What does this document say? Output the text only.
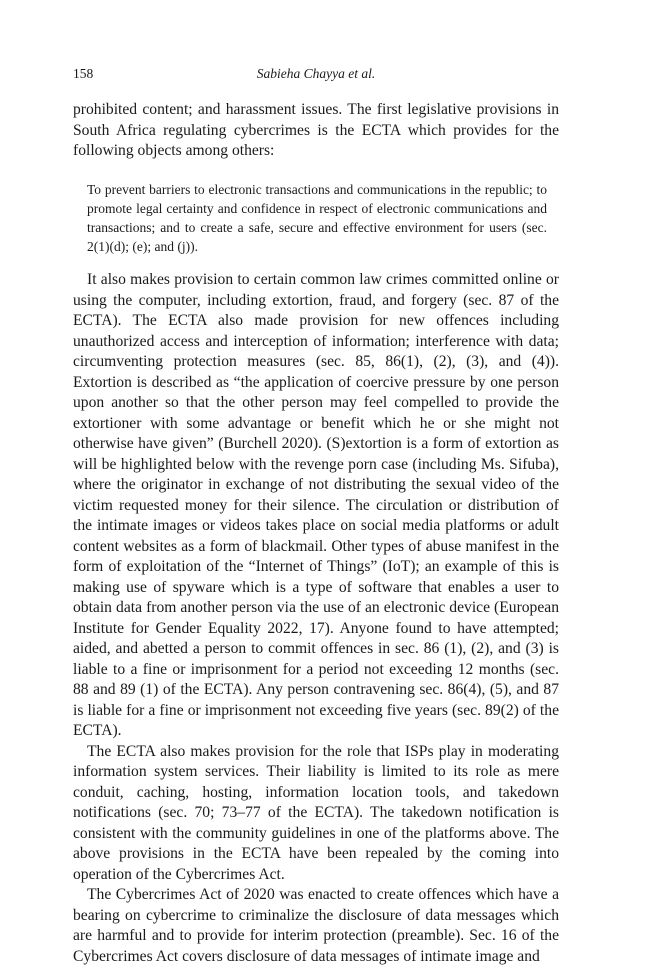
158	Sabieha Chayya et al.

prohibited content; and harassment issues. The first legislative provisions in South Africa regulating cybercrimes is the ECTA which provides for the following objects among others:

To prevent barriers to electronic transactions and communications in the republic; to promote legal certainty and confidence in respect of electronic communications and transactions; and to create a safe, secure and effective environment for users (sec. 2(1)(d); (e); and (j)).

It also makes provision to certain common law crimes committed online or using the computer, including extortion, fraud, and forgery (sec. 87 of the ECTA). The ECTA also made provision for new offences including unauthorized access and interception of information; interference with data; circumventing protection measures (sec. 85, 86(1), (2), (3), and (4)). Extortion is described as “the application of coercive pressure by one person upon another so that the other person may feel compelled to provide the extortioner with some advantage or benefit which he or she might not otherwise have given” (Burchell 2020). (S)extortion is a form of extortion as will be highlighted below with the revenge porn case (including Ms. Sifuba), where the originator in exchange of not distributing the sexual video of the victim requested money for their silence. The circulation or distribution of the intimate images or videos takes place on social media platforms or adult content websites as a form of blackmail. Other types of abuse manifest in the form of exploitation of the “Internet of Things” (IoT); an example of this is making use of spyware which is a type of software that enables a user to obtain data from another person via the use of an electronic device (European Institute for Gender Equality 2022, 17). Anyone found to have attempted; aided, and abetted a person to commit offences in sec. 86 (1), (2), and (3) is liable to a fine or imprisonment for a period not exceeding 12 months (sec. 88 and 89 (1) of the ECTA). Any person contravening sec. 86(4), (5), and 87 is liable for a fine or imprisonment not exceeding five years (sec. 89(2) of the ECTA).

The ECTA also makes provision for the role that ISPs play in moderating information system services. Their liability is limited to its role as mere conduit, caching, hosting, information location tools, and takedown notifications (sec. 70; 73–77 of the ECTA). The takedown notification is consistent with the community guidelines in one of the platforms above. The above provisions in the ECTA have been repealed by the coming into operation of the Cybercrimes Act.

The Cybercrimes Act of 2020 was enacted to create offences which have a bearing on cybercrime to criminalize the disclosure of data messages which are harmful and to provide for interim protection (preamble). Sec. 16 of the Cybercrimes Act covers disclosure of data messages of intimate image and
